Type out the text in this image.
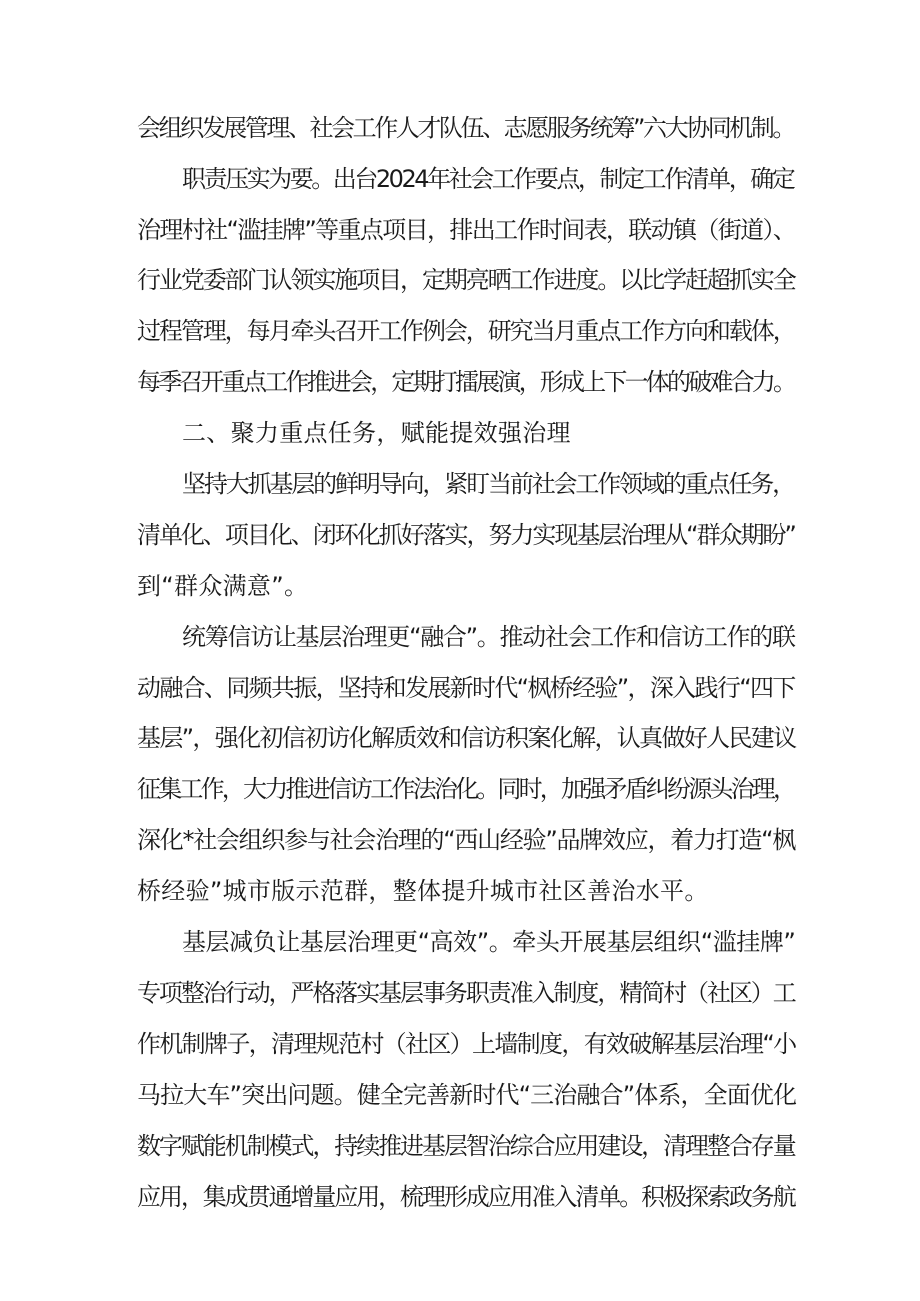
会组织发展管理、社会工作人才队伍、志愿服务统筹”六大协同机制。
职责压实为要。出台2024年社会工作要点，制定工作清单，确定
治理村社“滥挂牌”等重点项目，排出工作时间表，联动镇（街道）、
行业党委部门认领实施项目，定期亮晒工作进度。以比学赶超抓实全
过程管理，每月牵头召开工作例会，研究当月重点工作方向和载体，
每季召开重点工作推进会，定期打擂展演，形成上下一体的破难合力。
二、聚力重点任务，赋能提效强治理
坚持大抓基层的鲜明导向，紧盯当前社会工作领域的重点任务，
清单化、项目化、闭环化抓好落实，努力实现基层治理从“群众期盼”
到“群众满意”。
统筹信访让基层治理更“融合”。推动社会工作和信访工作的联
动融合、同频共振，坚持和发展新时代“枫桥经验”，深入践行“四下
基层”，强化初信初访化解质效和信访积案化解，认真做好人民建议
征集工作，大力推进信访工作法治化。同时，加强矛盾纠纷源头治理，
深化*社会组织参与社会治理的“西山经验”品牌效应，着力打造“枫
桥经验”城市版示范群，整体提升城市社区善治水平。
基层减负让基层治理更“高效”。牵头开展基层组织“滥挂牌”
专项整治行动，严格落实基层事务职责准入制度，精简村（社区）工
作机制牌子，清理规范村（社区）上墙制度，有效破解基层治理“小
马拉大车”突出问题。健全完善新时代“三治融合”体系，全面优化
数字赋能机制模式，持续推进基层智治综合应用建设，清理整合存量
应用，集成贯通增量应用，梳理形成应用准入清单。积极探索政务航
